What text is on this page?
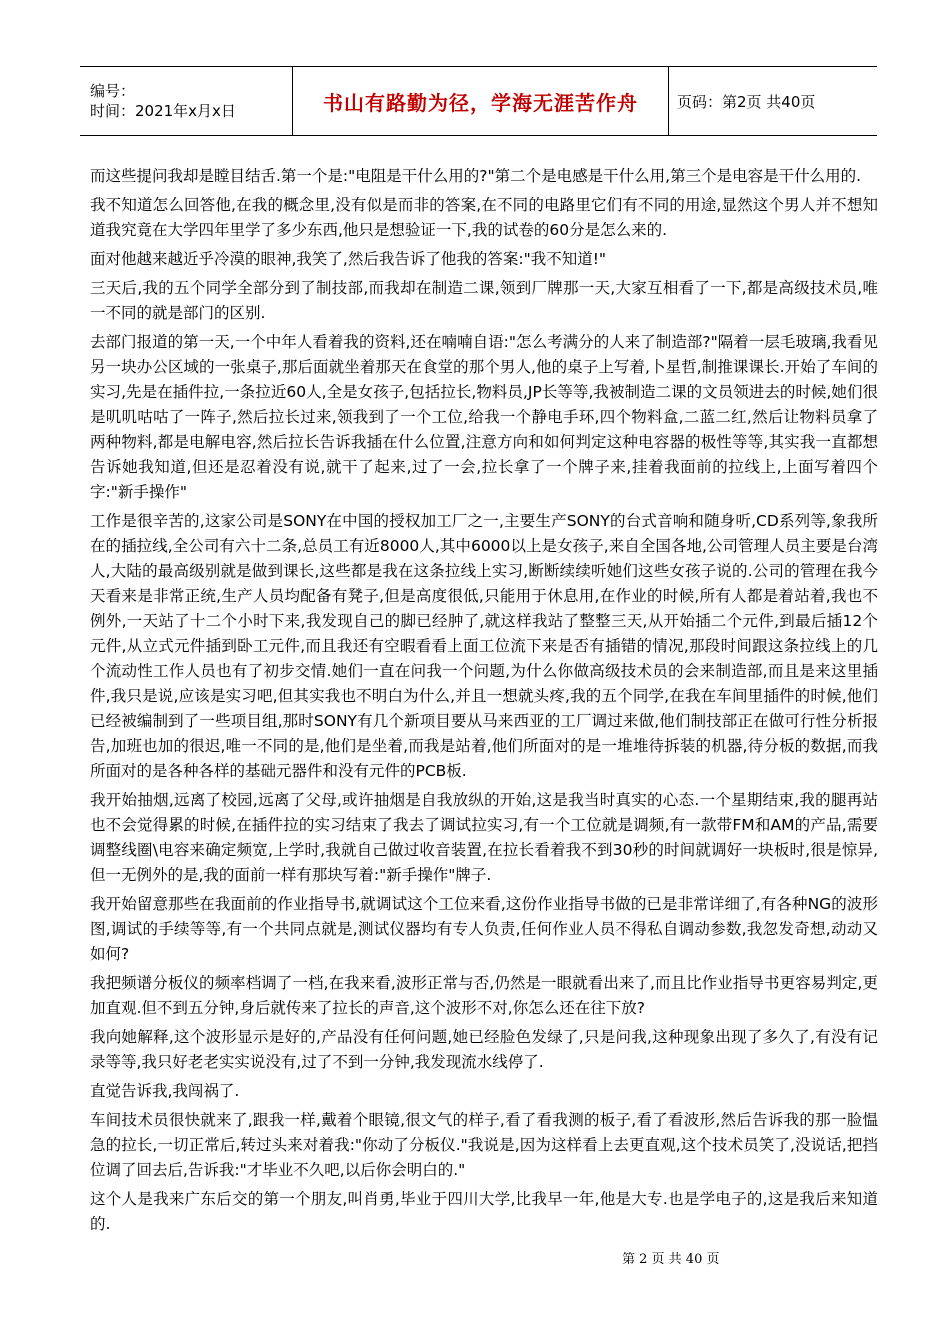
编号：
时间：2021年x月x日	书山有路勤为径，学海无涯苦作舟	页码：第2页 共40页

而这些提问我却是瞠目结舌.第一个是:"电阻是干什么用的?"第二个是电感是干什么用,第三个是电容是干什么用的.

我不知道怎么回答他,在我的概念里,没有似是而非的答案,在不同的电路里它们有不同的用途,显然这个男人并不想知道我究竟在大学四年里学了多少东西,他只是想验证一下,我的试卷的60分是怎么来的.

面对他越来越近乎冷漠的眼神,我笑了,然后我告诉了他我的答案:"我不知道!"

三天后,我的五个同学全部分到了制技部,而我却在制造二课,领到厂牌那一天,大家互相看了一下,都是高级技术员,唯一不同的就是部门的区别.

去部门报道的第一天,一个中年人看着我的资料,还在喃喃自语:"怎么考满分的人来了制造部?"隔着一层毛玻璃,我看见另一块办公区域的一张桌子,那后面就坐着那天在食堂的那个男人,他的桌子上写着,卜星哲,制推课课长.开始了车间的实习,先是在插件拉,一条拉近60人,全是女孩子,包括拉长,物料员,JP长等等,我被制造二课的文员领进去的时候,她们很是叽叽咕咕了一阵子,然后拉长过来,领我到了一个工位,给我一个静电手环,四个物料盒,二蓝二红,然后让物料员拿了两种物料,都是电解电容,然后拉长告诉我插在什么位置,注意方向和如何判定这种电容器的极性等等,其实我一直都想告诉她我知道,但还是忍着没有说,就干了起来,过了一会,拉长拿了一个牌子来,挂着我面前的拉线上,上面写着四个字:"新手操作"

工作是很辛苦的,这家公司是SONY在中国的授权加工厂之一,主要生产SONY的台式音响和随身听,CD系列等,象我所在的插拉线,全公司有六十二条,总员工有近8000人,其中6000以上是女孩子,来自全国各地,公司管理人员主要是台湾人,大陆的最高级别就是做到课长,这些都是我在这条拉线上实习,断断续续听她们这些女孩子说的.公司的管理在我今天看来是非常正统,生产人员均配备有凳子,但是高度很低,只能用于休息用,在作业的时候,所有人都是着站着,我也不例外,一天站了十二个小时下来,我发现自己的脚已经肿了,就这样我站了整整三天,从开始插二个元件,到最后插12个元件,从立式元件插到卧工元件,而且我还有空暇看看上面工位流下来是否有插错的情况,那段时间跟这条拉线上的几个流动性工作人员也有了初步交情.她们一直在问我一个问题,为什么你做高级技术员的会来制造部,而且是来这里插件,我只是说,应该是实习吧,但其实我也不明白为什么,并且一想就头疼,我的五个同学,在我在车间里插件的时候,他们已经被编制到了一些项目组,那时SONY有几个新项目要从马来西亚的工厂调过来做,他们制技部正在做可行性分析报告,加班也加的很迟,唯一不同的是,他们是坐着,而我是站着,他们所面对的是一堆堆待拆装的机器,待分板的数据,而我所面对的是各种各样的基础元器件和没有元件的PCB板.

我开始抽烟,远离了校园,远离了父母,或许抽烟是自我放纵的开始,这是我当时真实的心态.一个星期结束,我的腿再站也不会觉得累的时候,在插件拉的实习结束了我去了调试拉实习,有一个工位就是调频,有一款带FM和AM的产品,需要调整线圈\电容来确定频宽,上学时,我就自己做过收音装置,在拉长看着我不到30秒的时间就调好一块板时,很是惊异,但一无例外的是,我的面前一样有那块写着:"新手操作"牌子.

我开始留意那些在我面前的作业指导书,就调试这个工位来看,这份作业指导书做的已是非常详细了,有各种NG的波形图,调试的手续等等,有一个共同点就是,测试仪器均有专人负责,任何作业人员不得私自调动参数,我忽发奇想,动动又如何?

我把频谱分板仪的频率档调了一档,在我来看,波形正常与否,仍然是一眼就看出来了,而且比作业指导书更容易判定,更加直观.但不到五分钟,身后就传来了拉长的声音,这个波形不对,你怎么还在往下放?

我向她解释,这个波形显示是好的,产品没有任何问题,她已经脸色发绿了,只是问我,这种现象出现了多久了,有没有记录等等,我只好老老实实说没有,过了不到一分钟,我发现流水线停了.

直觉告诉我,我闯祸了.

车间技术员很快就来了,跟我一样,戴着个眼镜,很文气的样子,看了看我测的板子,看了看波形,然后告诉我的那一脸愠急的拉长,一切正常后,转过头来对着我:"你动了分板仪."我说是,因为这样看上去更直观,这个技术员笑了,没说话,把挡位调了回去后,告诉我:"才毕业不久吧,以后你会明白的."

这个人是我来广东后交的第一个朋友,叫肖勇,毕业于四川大学,比我早一年,他是大专.也是学电子的,这是我后来知道的.

第 2 页 共 40 页
